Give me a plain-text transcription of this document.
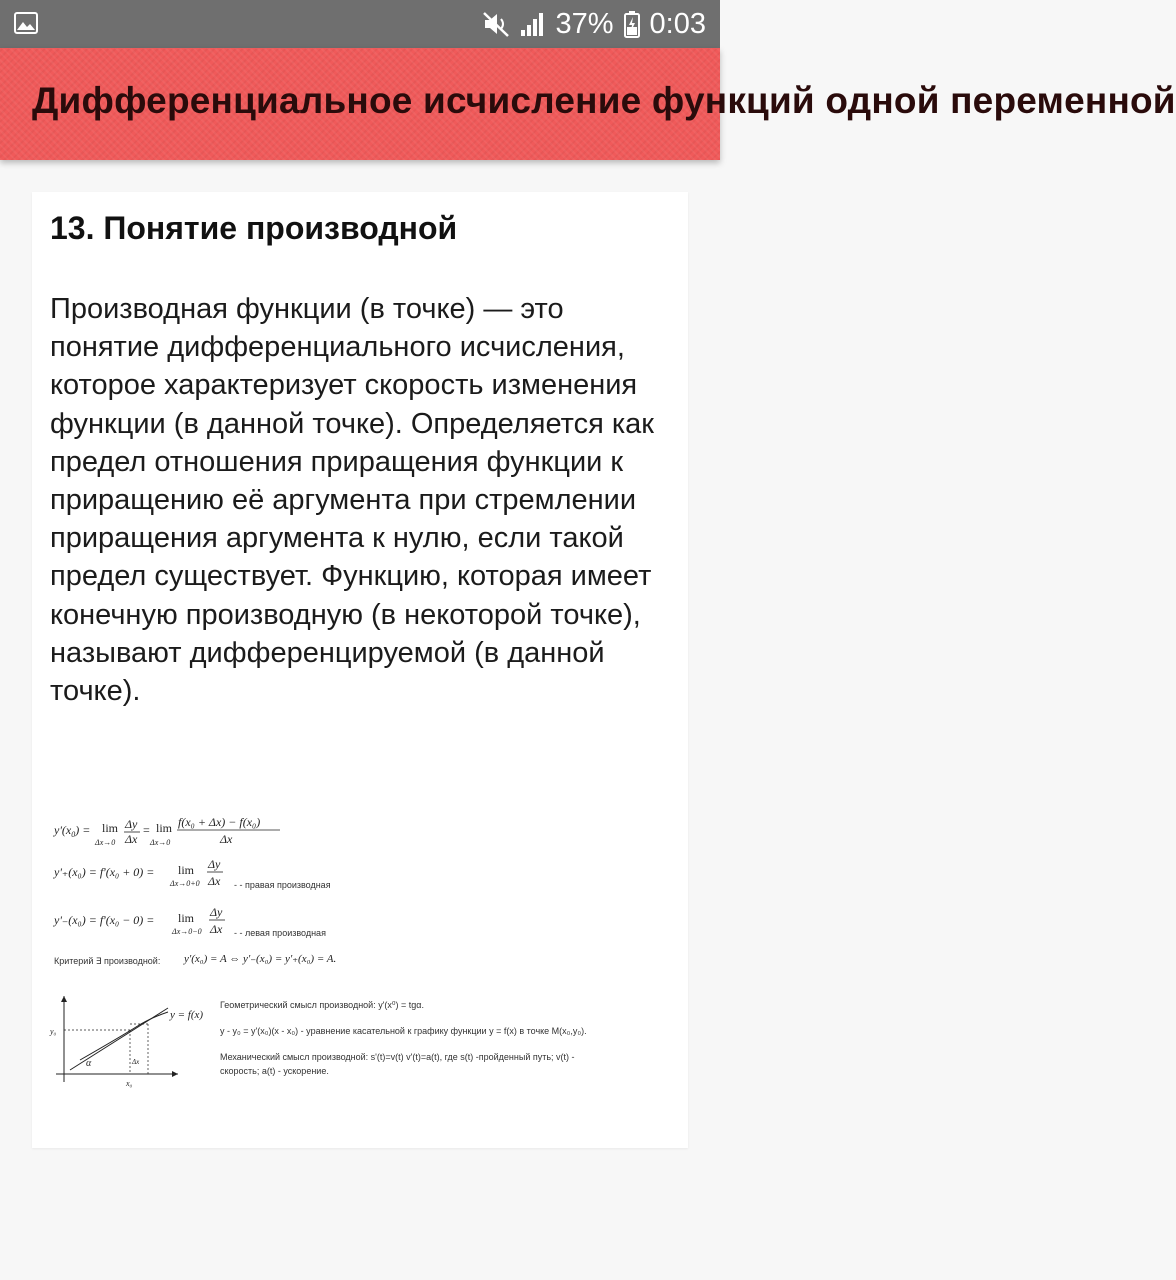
37% 0:03
Дифференциальное исчисление функций одной переменной
13. Понятие производной
Производная функции (в точке) — это понятие дифференциального исчисления, которое характеризует скорость изменения функции (в данной точке). Определяется как предел отношения приращения функции к приращению её аргумента при стремлении приращения аргумента к нулю, если такой предел существует. Функцию, которая имеет конечную производную (в некоторой точке), называют дифференцируемой (в данной точке).
$y'(x_0) = \lim$
Δx→0
Δy
Δx
= lim
Δx→0
f(x₀ + Δx) − f(x₀)
Δx
y'₊(x₀) = f'(x₀ + 0) = lim
Δx→0+0
Δy
Δx - - правая производная
y'₋(x₀) = f'(x₀ − 0) = lim
Δx→0−0
Δy
Δx - - левая производная
Критерий ∃ производной: y'(x₀) = A ⇔ y'₋(x₀) = y'₊(x₀) = A.
α
y₀
x₀
Δx
y = f(x)
Геометрический смысл производной: y'(x⁰) = tgα.
y - y₀ = y'(x₀)(x - x₀) - уравнение касательной к графику функции y = f(x) в точке M(x₀,y₀).
Механический смысл производной: s'(t)=v(t) v'(t)=a(t), где s(t) -пройденный путь; v(t) -
скорость; a(t) - ускорение.
